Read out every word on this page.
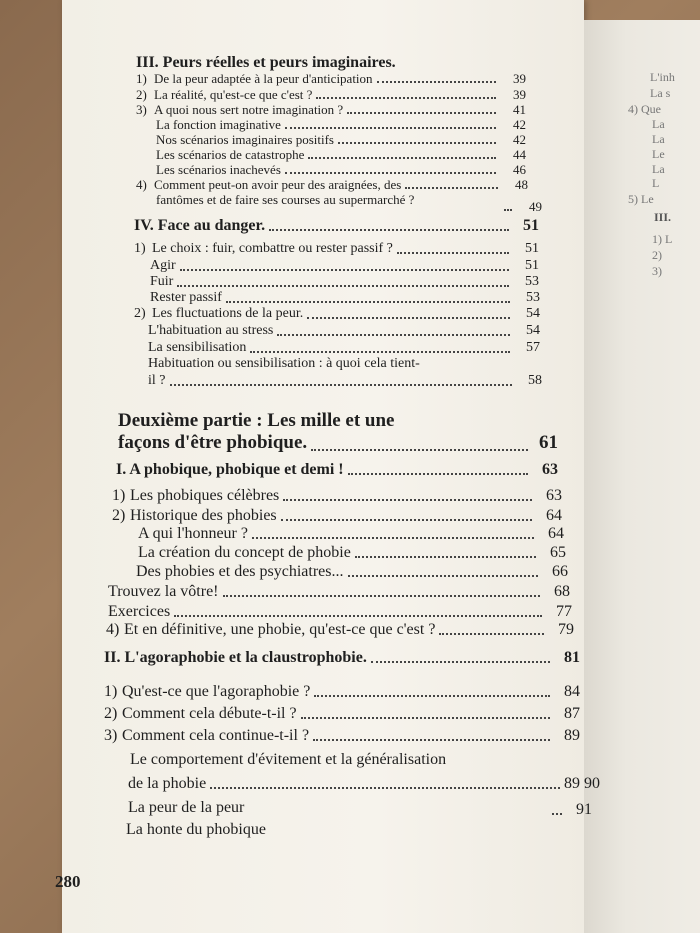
L'inh
La s
4) Que
La
La
Le
La
L
5) Le
III.
1) L
2)
3)
III. Peurs réelles et peurs imaginaires.
1) De la peur adaptée à la peur d'anticipation	39
2) La réalité, qu'est-ce que c'est ?	39
3) A quoi nous sert notre imagination ?	41
La fonction imaginative	42
Nos scénarios imaginaires positifs	42
Les scénarios de catastrophe	44
Les scénarios inachevés	46
4) Comment peut-on avoir peur des araignées, des	48
fantômes et de faire ses courses au supermarché ?	49
IV. Face au danger.	51
1) Le choix : fuir, combattre ou rester passif ?	51
Agir	51
Fuir	53
Rester passif	53
2) Les fluctuations de la peur.	54
L'habituation au stress	54
La sensibilisation	57
Habituation ou sensibilisation : à quoi cela tient-
il ?	58
Deuxième partie : Les mille et une
façons d'être phobique.	61
I. A phobique, phobique et demi !	63
1) Les phobiques célèbres	63
2) Historique des phobies	64
A qui l'honneur ?	64
La création du concept de phobie	65
Des phobies et des psychiatres...	66
Trouvez la vôtre!	68
Exercices	77
4) Et en définitive, une phobie, qu'est-ce que c'est ?	79
II. L'agoraphobie et la claustrophobie.	81
1) Qu'est-ce que l'agoraphobie ?	84
2) Comment cela débute-t-il ?	87
3) Comment cela continue-t-il ?	89
Le comportement d'évitement et la généralisation
de la phobie	89 90
La peur de la peur	91
La honte du phobique
280
